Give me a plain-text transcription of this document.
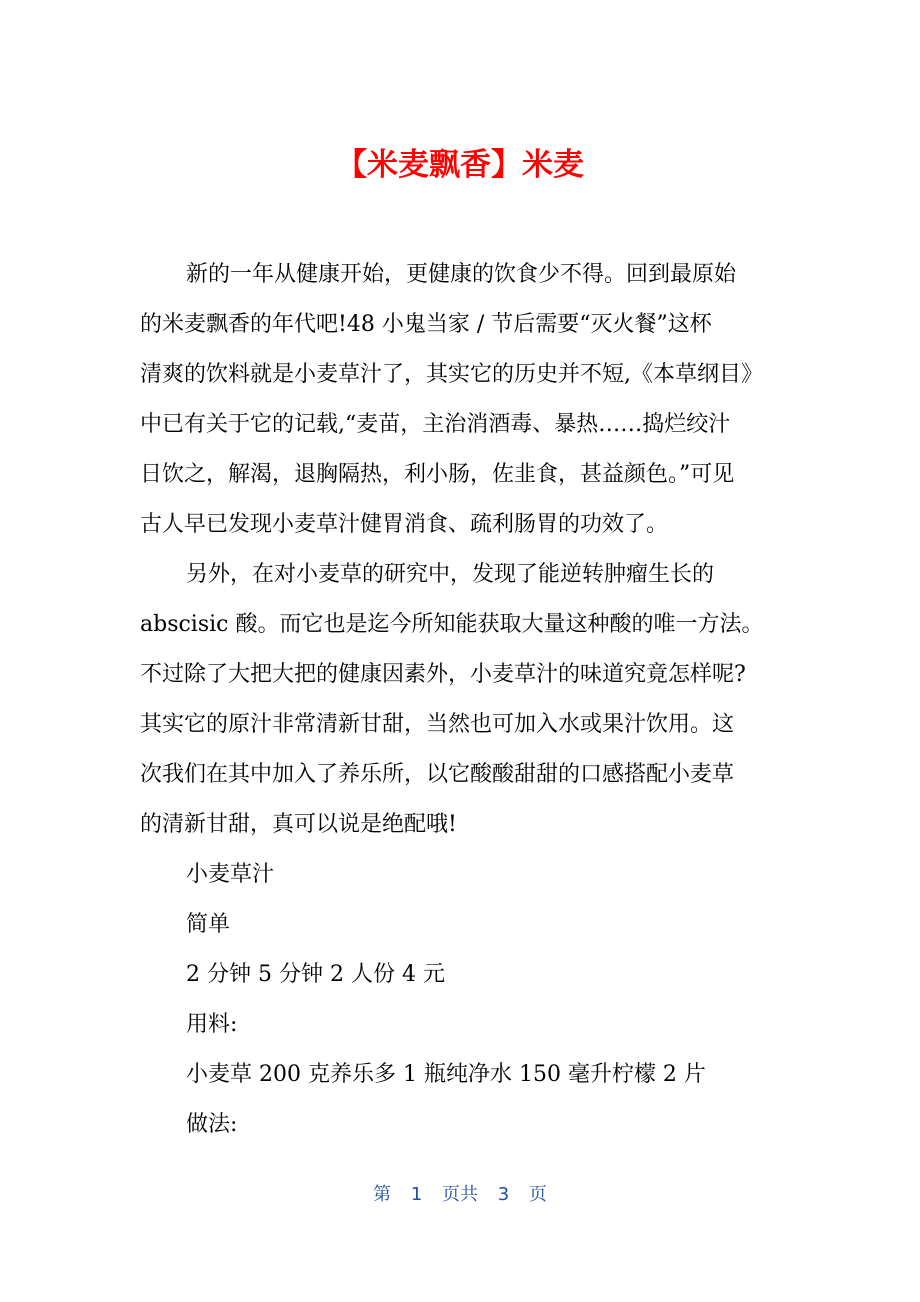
【米麦飘香】米麦
新的一年从健康开始，更健康的饮食少不得。回到最原始
的米麦飘香的年代吧!48 小鬼当家 / 节后需要“灭火餐”这杯
清爽的饮料就是小麦草汁了，其实它的历史并不短,《本草纲目》
中已有关于它的记载,“麦苗，主治消酒毒、暴热……捣烂绞汁
日饮之，解渴，退胸隔热，利小肠，佐韭食，甚益颜色。”可见
古人早已发现小麦草汁健胃消食、疏利肠胃的功效了。
另外，在对小麦草的研究中，发现了能逆转肿瘤生长的
abscisic 酸。而它也是迄今所知能获取大量这种酸的唯一方法。
不过除了大把大把的健康因素外，小麦草汁的味道究竟怎样呢?
其实它的原汁非常清新甘甜，当然也可加入水或果汁饮用。这
次我们在其中加入了养乐所，以它酸酸甜甜的口感搭配小麦草
的清新甘甜，真可以说是绝配哦!
小麦草汁
简单
2 分钟 5 分钟 2 人份 4 元
用料:
小麦草 200 克养乐多 1 瓶纯净水 150 毫升柠檬 2 片
做法:
第 1 页共 3 页
